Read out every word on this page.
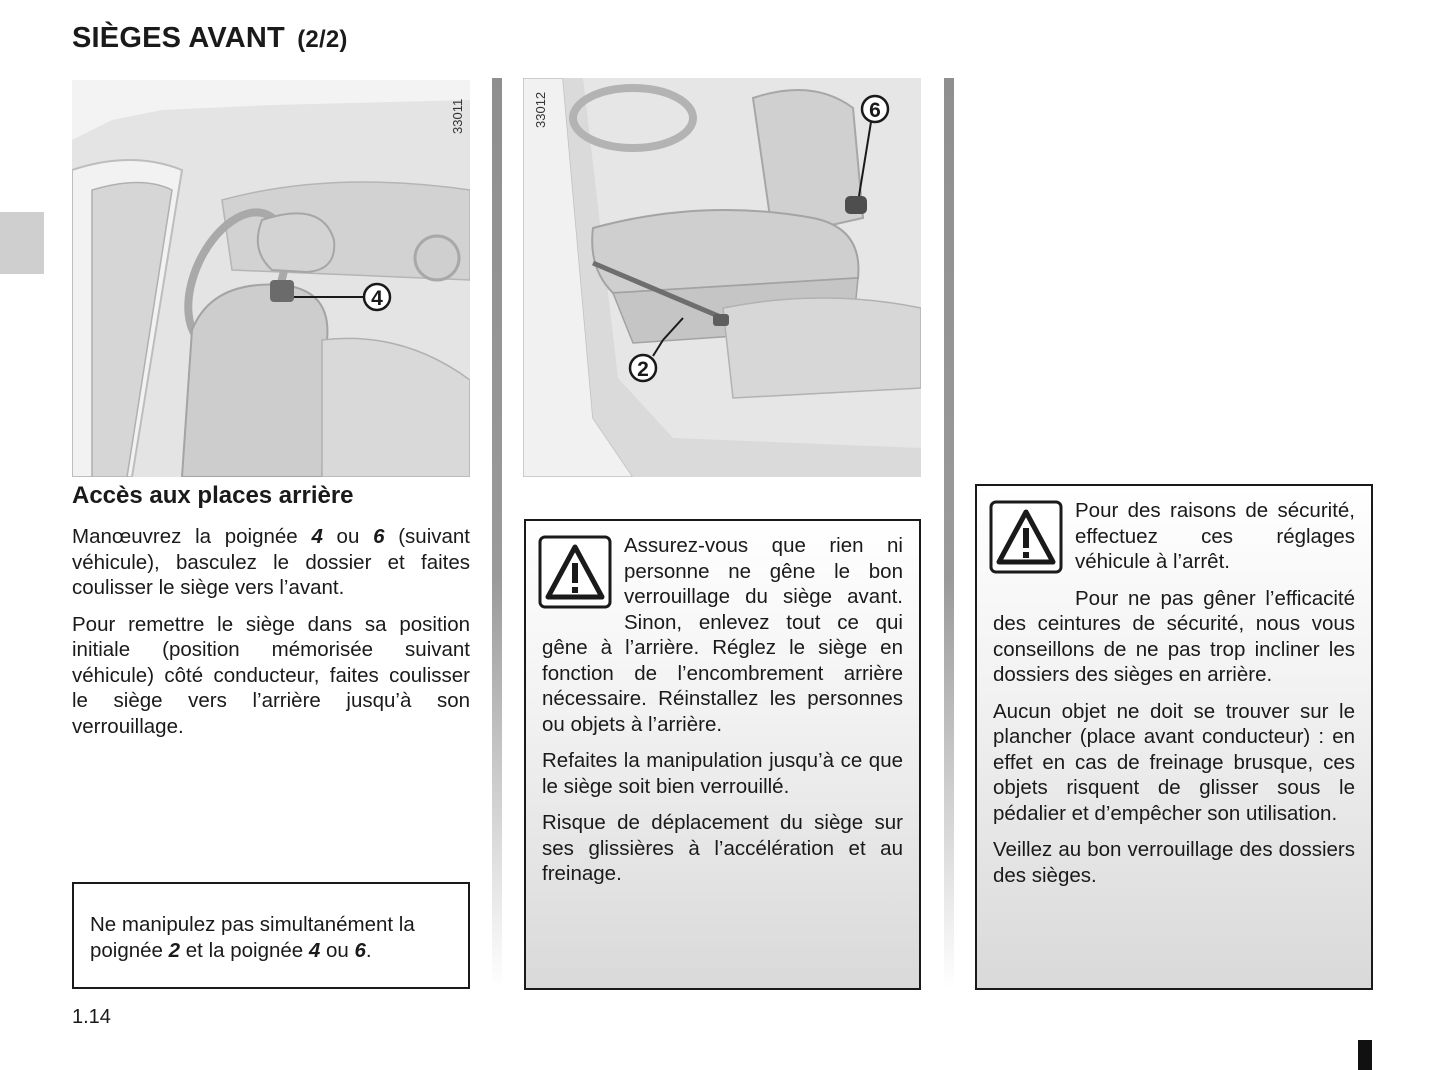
SIÈGES AVANT (2/2)
4
33011
2
6
33012
Accès aux places arrière

Manœuvrez la poignée 4 ou 6 (suivant véhicule), basculez le dossier et faites coulisser le siège vers l’avant.

Pour remettre le siège dans sa position initiale (position mémorisée suivant véhicule) côté conducteur, faites coulisser le siège vers l’arrière jusqu’à son verrouillage.

Ne manipulez pas simultanément la poignée 2 et la poignée 4 ou 6.

Assurez-vous que rien ni personne ne gêne le bon verrouillage du siège avant. Sinon, enlevez tout ce qui gêne à l’arrière. Réglez le siège en fonction de l’encombrement arrière nécessaire. Réinstallez les personnes ou objets à l’arrière.

Refaites la manipulation jusqu’à ce que le siège soit bien verrouillé.

Risque de déplacement du siège sur ses glissières à l’accélération et au freinage.

Pour des raisons de sécurité, effectuez ces réglages véhicule à l’arrêt.

Pour ne pas gêner l’efficacité des ceintures de sécurité, nous vous conseillons de ne pas trop incliner les dossiers des sièges en arrière.

Aucun objet ne doit se trouver sur le plancher (place avant conducteur) : en effet en cas de freinage brusque, ces objets risquent de glisser sous le pédalier et d’empêcher son utilisation.

Veillez au bon verrouillage des dossiers des sièges.

1.14
